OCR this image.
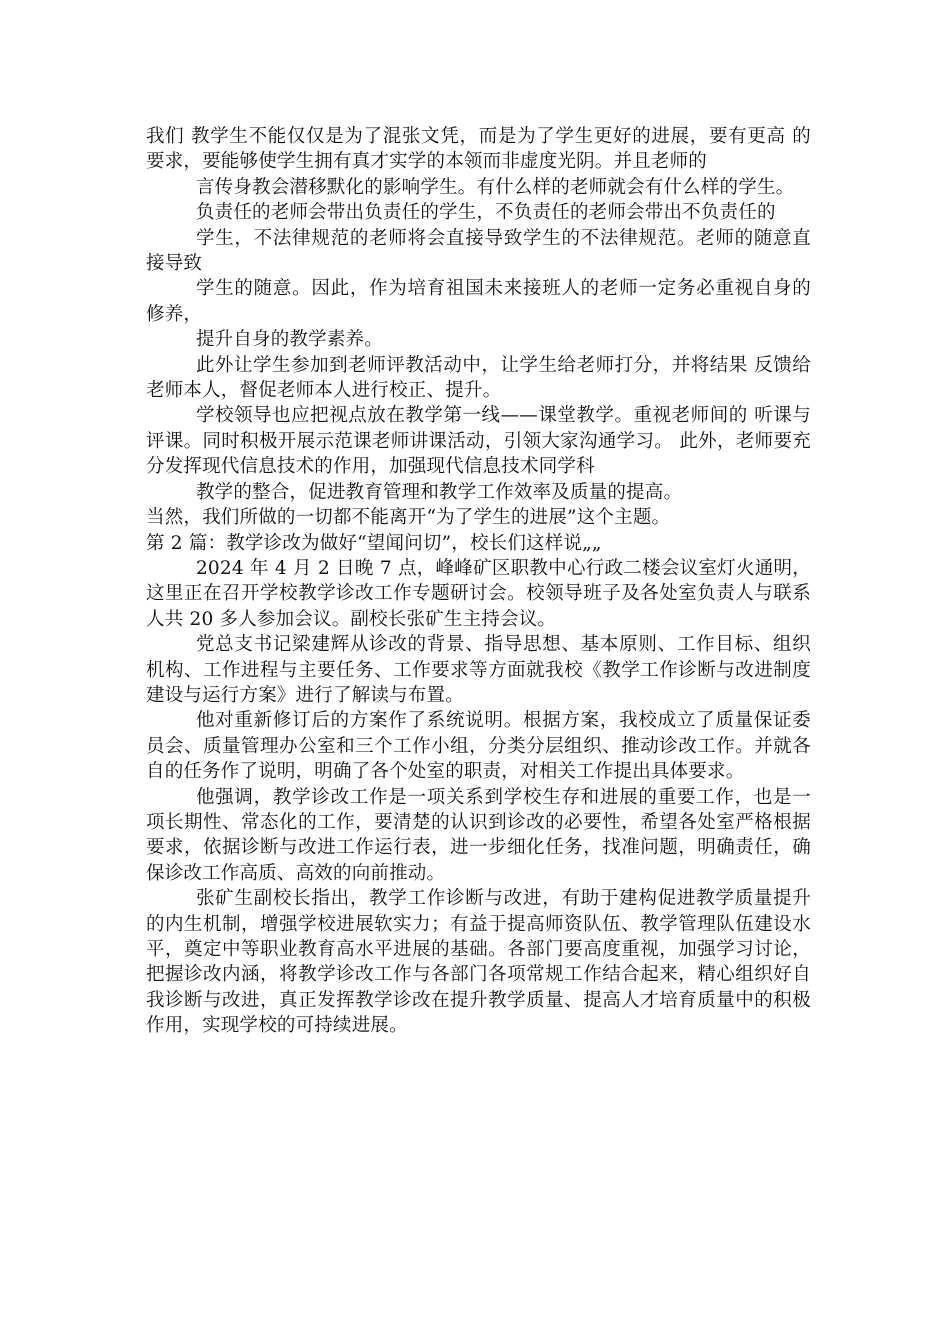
我们 教学生不能仅仅是为了混张文凭，而是为了学生更好的进展，要有更高 的要求，要能够使学生拥有真才实学的本领而非虚度光阴。并且老师的

言传身教会潜移默化的影响学生。有什么样的老师就会有什么样的学生。

负责任的老师会带出负责任的学生，不负责任的老师会带出不负责任的

学生，不法律规范的老师将会直接导致学生的不法律规范。老师的随意直接导致

学生的随意。因此，作为培育祖国未来接班人的老师一定务必重视自身的修养，

提升自身的教学素养。

此外让学生参加到老师评教活动中，让学生给老师打分，并将结果 反馈给老师本人，督促老师本人进行校正、提升。

学校领导也应把视点放在教学第一线——课堂教学。重视老师间的 听课与评课。同时积极开展示范课老师讲课活动，引领大家沟通学习。 此外，老师要充分发挥现代信息技术的作用，加强现代信息技术同学科

教学的整合，促进教育管理和教学工作效率及质量的提高。

当然，我们所做的一切都不能离开“为了学生的进展”这个主题。

第 2 篇：教学诊改为做好“望闻问切”，校长们这样说„„

2024 年 4 月 2 日晚 7 点，峰峰矿区职教中心行政二楼会议室灯火通明，这里正在召开学校教学诊改工作专题研讨会。校领导班子及各处室负责人与联系人共 20 多人参加会议。副校长张矿生主持会议。

党总支书记梁建辉从诊改的背景、指导思想、基本原则、工作目标、组织机构、工作进程与主要任务、工作要求等方面就我校《教学工作诊断与改进制度建设与运行方案》进行了解读与布置。

他对重新修订后的方案作了系统说明。根据方案，我校成立了质量保证委员会、质量管理办公室和三个工作小组，分类分层组织、推动诊改工作。并就各自的任务作了说明，明确了各个处室的职责，对相关工作提出具体要求。

他强调，教学诊改工作是一项关系到学校生存和进展的重要工作，也是一项长期性、常态化的工作，要清楚的认识到诊改的必要性，希望各处室严格根据要求，依据诊断与改进工作运行表，进一步细化任务，找准问题，明确责任，确保诊改工作高质、高效的向前推动。

张矿生副校长指出，教学工作诊断与改进，有助于建构促进教学质量提升的内生机制，增强学校进展软实力；有益于提高师资队伍、教学管理队伍建设水平，奠定中等职业教育高水平进展的基础。各部门要高度重视，加强学习讨论，把握诊改内涵，将教学诊改工作与各部门各项常规工作结合起来，精心组织好自我诊断与改进，真正发挥教学诊改在提升教学质量、提高人才培育质量中的积极作用，实现学校的可持续进展。
